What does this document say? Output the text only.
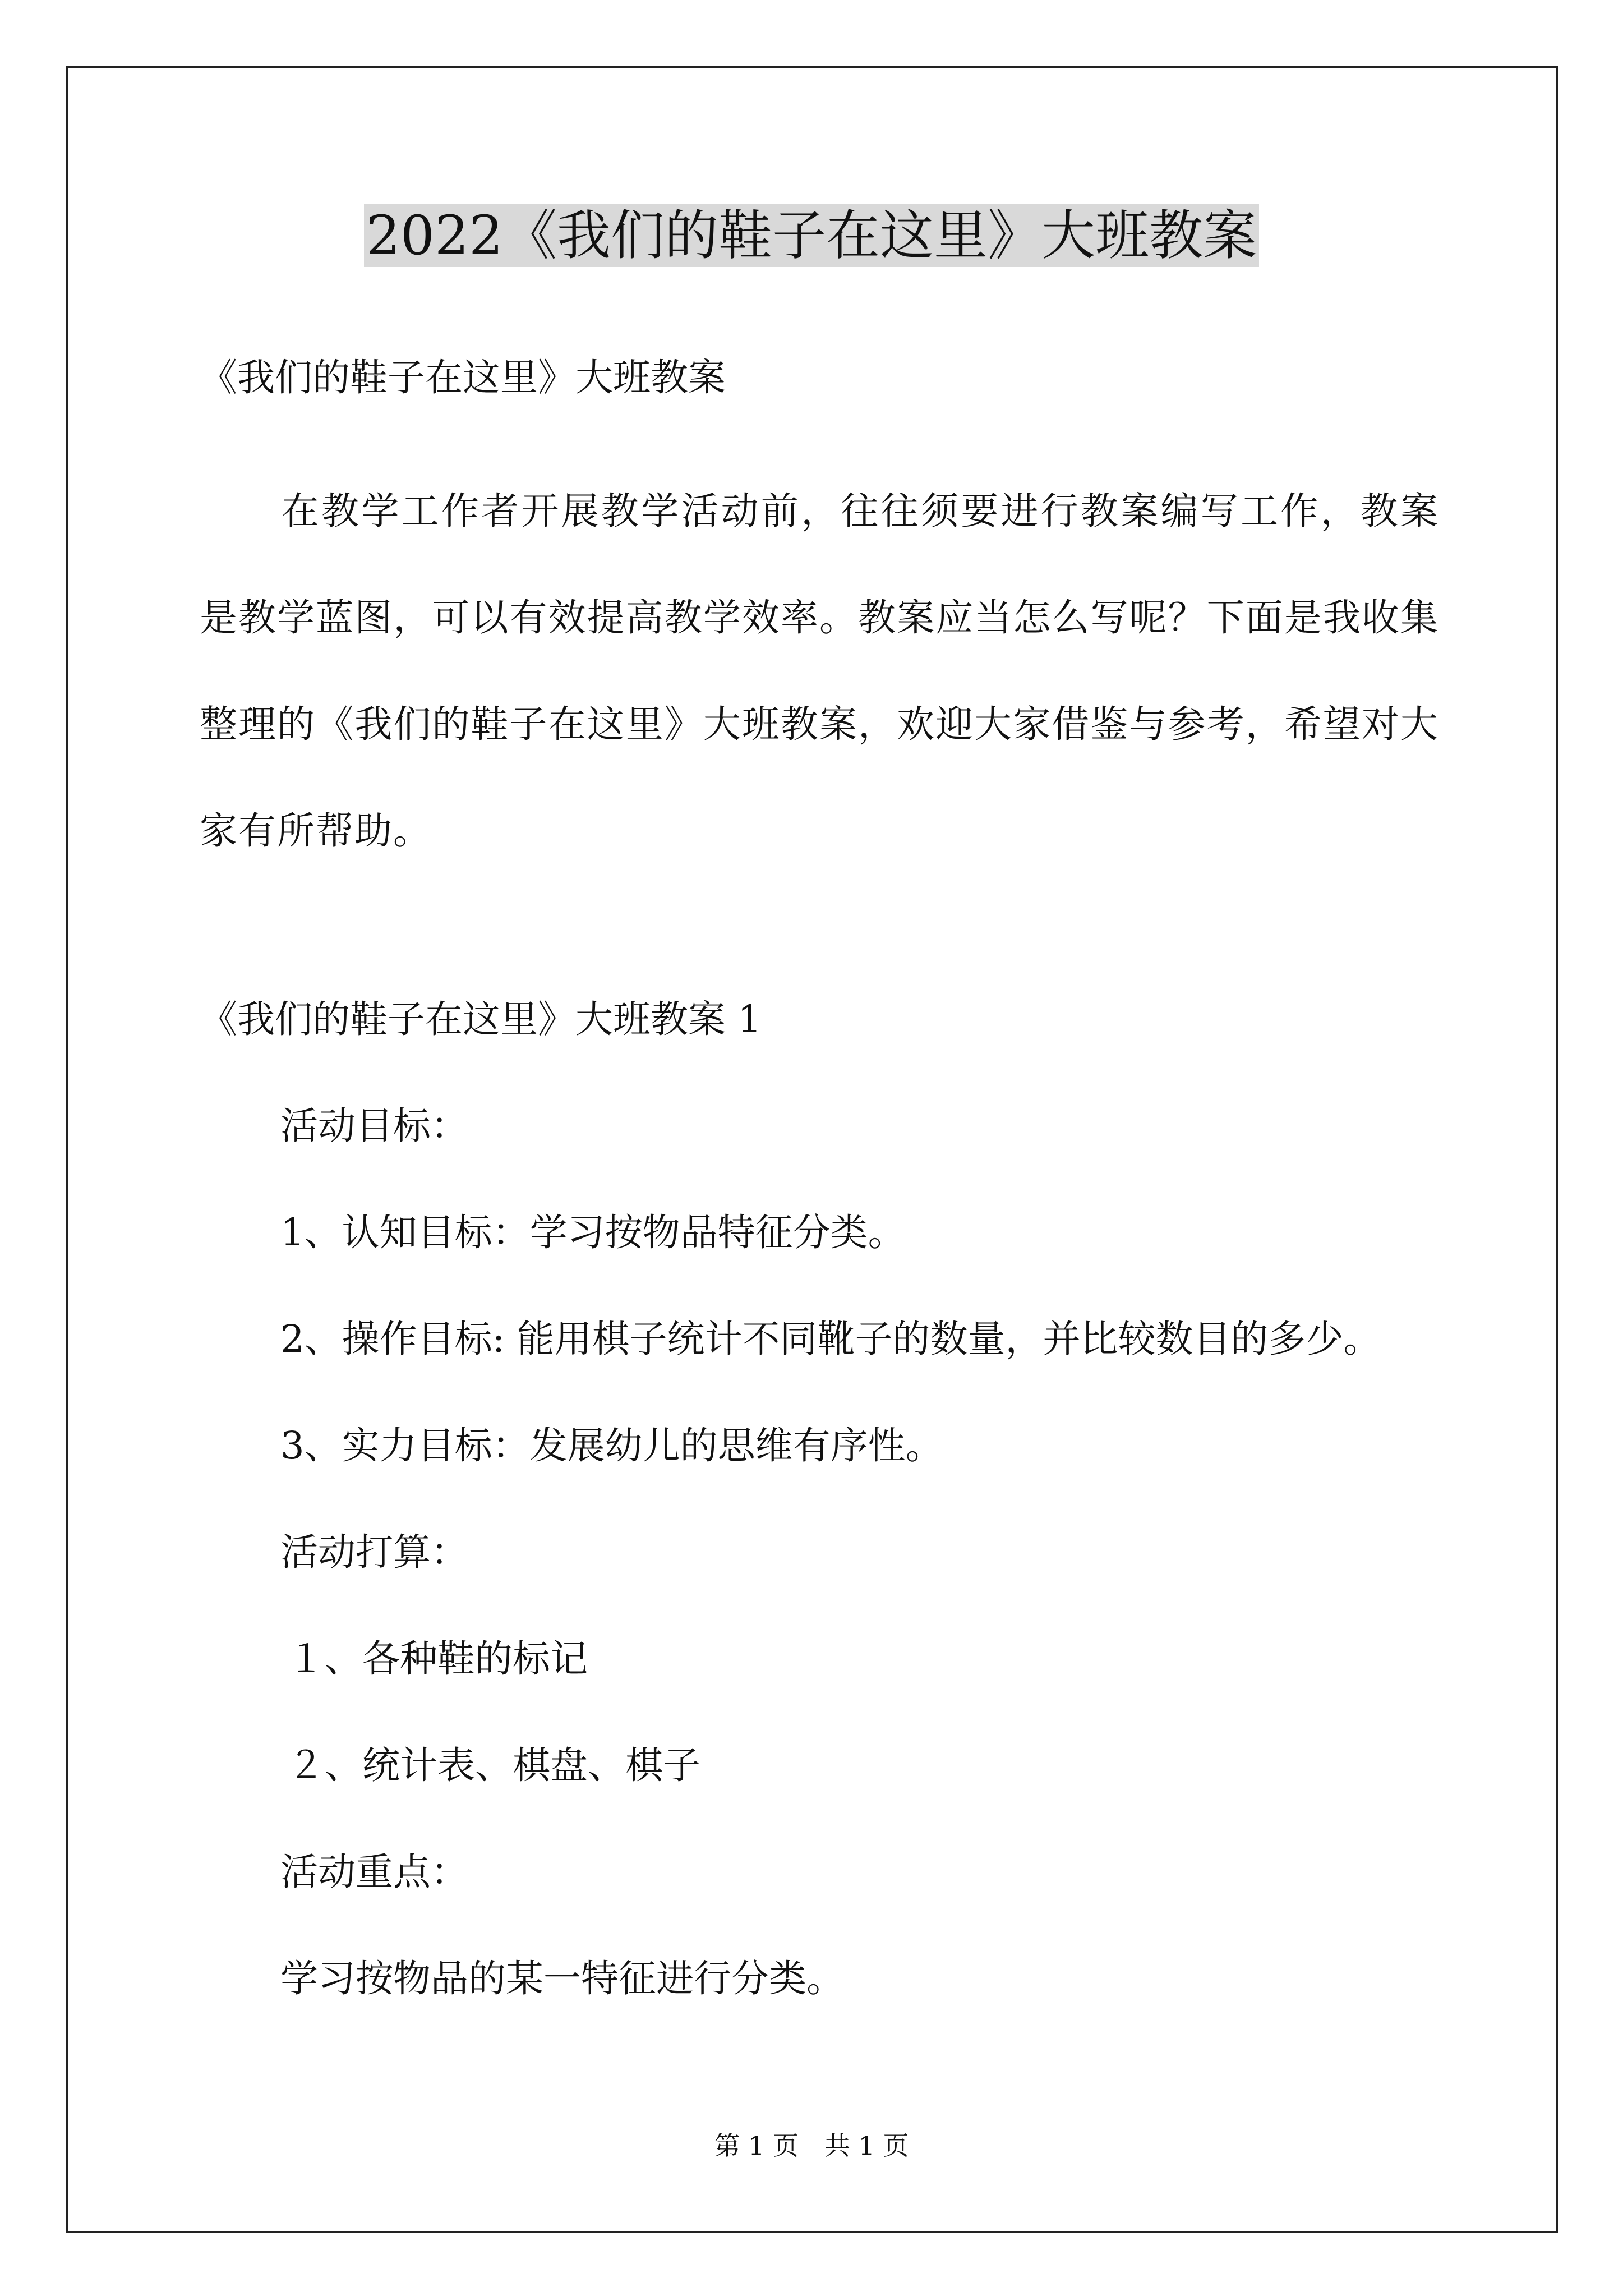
2022《我们的鞋子在这里》大班教案
《我们的鞋子在这里》大班教案

在教学工作者开展教学活动前，往往须要进行教案编写工作，教案是教学蓝图，可以有效提高教学效率。教案应当怎么写呢？下面是我收集整理的《我们的鞋子在这里》大班教案，欢迎大家借鉴与参考，希望对大家有所帮助。

《我们的鞋子在这里》大班教案 1
活动目标：
1、认知目标：学习按物品特征分类。
2、操作目标: 能用棋子统计不同靴子的数量，并比较数目的多少。
3、实力目标：发展幼儿的思维有序性。
活动打算：
１、各种鞋的标记
２、统计表、棋盘、棋子
活动重点：
学习按物品的某一特征进行分类。
第 1 页　共 1 页
